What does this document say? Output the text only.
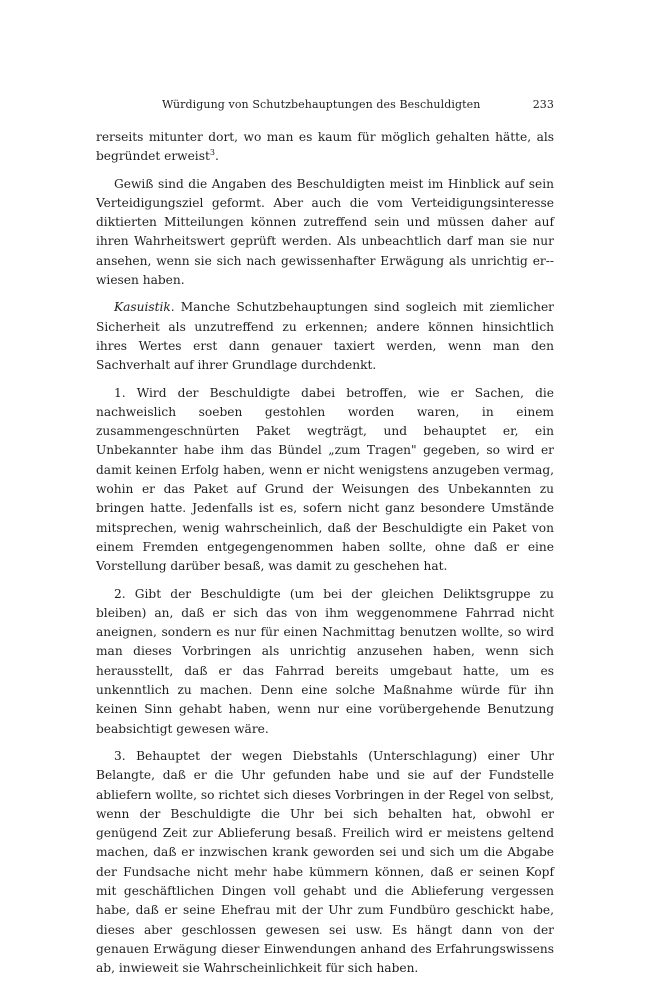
Würdigung von Schutzbehauptungen des Beschuldigten	233

rerseits mitunter dort, wo man es kaum für möglich gehalten hätte, als begründet erweist$^3$.

Gewiß sind die Angaben des Beschuldigten meist im Hinblick auf sein Verteidigungsziel geformt. Aber auch die vom Verteidigungsinteresse diktierten Mitteilungen können zutreffend sein und müssen daher auf ihren Wahrheitswert geprüft werden. Als unbeachtlich darf man sie nur ansehen, wenn sie sich nach gewissenhafter Erwägung als unrichtig er-wiesen haben.

Kasuistik. Manche Schutzbehauptungen sind sogleich mit ziemlicher Sicherheit als unzutreffend zu erkennen; andere können hinsichtlich ihres Wertes erst dann genauer taxiert werden, wenn man den Sachverhalt auf ihrer Grundlage durchdenkt.

1. Wird der Beschuldigte dabei betroffen, wie er Sachen, die nachweislich soeben gestohlen worden waren, in einem zusammengeschnürten Paket wegträgt, und behauptet er, ein Unbekannter habe ihm das Bündel „zum Tragen" gegeben, so wird er damit keinen Erfolg haben, wenn er nicht wenigstens anzugeben vermag, wohin er das Paket auf Grund der Weisungen des Unbekannten zu bringen hatte. Jedenfalls ist es, sofern nicht ganz besondere Umstände mitsprechen, wenig wahrscheinlich, daß der Beschuldigte ein Paket von einem Fremden entgegengenommen haben sollte, ohne daß er eine Vorstellung darüber besaß, was damit zu geschehen hat.

2. Gibt der Beschuldigte (um bei der gleichen Deliktsgruppe zu bleiben) an, daß er sich das von ihm weggenommene Fahrrad nicht aneignen, sondern es nur für einen Nachmittag benutzen wollte, so wird man dieses Vorbringen als unrichtig anzusehen haben, wenn sich herausstellt, daß er das Fahrrad bereits umgebaut hatte, um es unkenntlich zu machen. Denn eine solche Maßnahme würde für ihn keinen Sinn gehabt haben, wenn nur eine vorübergehende Benutzung beabsichtigt gewesen wäre.

3. Behauptet der wegen Diebstahls (Unterschlagung) einer Uhr Belangte, daß er die Uhr gefunden habe und sie auf der Fundstelle abliefern wollte, so richtet sich dieses Vorbringen in der Regel von selbst, wenn der Beschuldigte die Uhr bei sich behalten hat, obwohl er genügend Zeit zur Ablieferung besaß. Freilich wird er meistens geltend machen, daß er inzwischen krank geworden sei und sich um die Abgabe der Fundsache nicht mehr habe kümmern können, daß er seinen Kopf mit geschäftlichen Dingen voll gehabt und die Ablieferung vergessen habe, daß er seine Ehefrau mit der Uhr zum Fundbüro geschickt habe, dieses aber geschlossen gewesen sei usw. Es hängt dann von der genauen Erwägung dieser Einwendungen anhand des Erfahrungswissens ab, inwieweit sie Wahrscheinlichkeit für sich haben.
